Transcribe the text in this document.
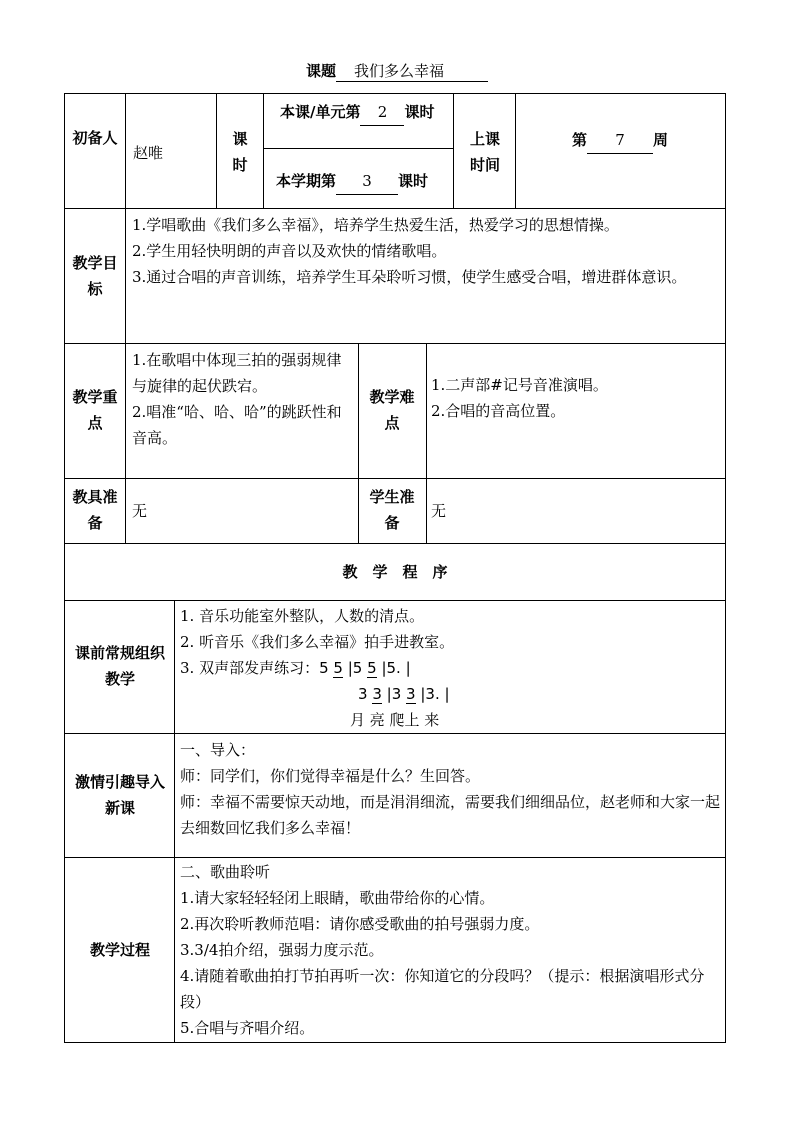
课题 我们多么幸福
初备人
赵唯
课时
本课/单元第 2 课时
本学期第 3 课时
上课时间
第 7 周
教学目标
1.学唱歌曲《我们多么幸福》，培养学生热爱生活，热爱学习的思想情操。
2.学生用轻快明朗的声音以及欢快的情绪歌唱。
3.通过合唱的声音训练，培养学生耳朵聆听习惯，使学生感受合唱，增进群体意识。
教学重点
1.在歌唱中体现三拍的强弱规律与旋律的起伏跌宕。
2.唱准“哈、哈、哈”的跳跃性和音高。
教学难点
1.二声部#记号音准演唱。
2.合唱的音高位置。
教具准备
无
学生准备
无
教　学　程　序
课前常规组织教学
1. 音乐功能室外整队，人数的清点。
2. 听音乐《我们多么幸福》拍手进教室。
3. 双声部发声练习：5 5 |5 5 |5. |
3 3 |3 3 |3. |
月 亮 爬上 来
激情引趣导入新课
一、导入：
师：同学们，你们觉得幸福是什么？生回答。
师：幸福不需要惊天动地，而是涓涓细流，需要我们细细品位，赵老师和大家一起去细数回忆我们多么幸福！
教学过程
二、歌曲聆听
1.请大家轻轻轻闭上眼睛，歌曲带给你的心情。
2.再次聆听教师范唱：请你感受歌曲的拍号强弱力度。
3.3/4拍介绍，强弱力度示范。
4.请随着歌曲拍打节拍再听一次：你知道它的分段吗？（提示：根据演唱形式分段）
5.合唱与齐唱介绍。
